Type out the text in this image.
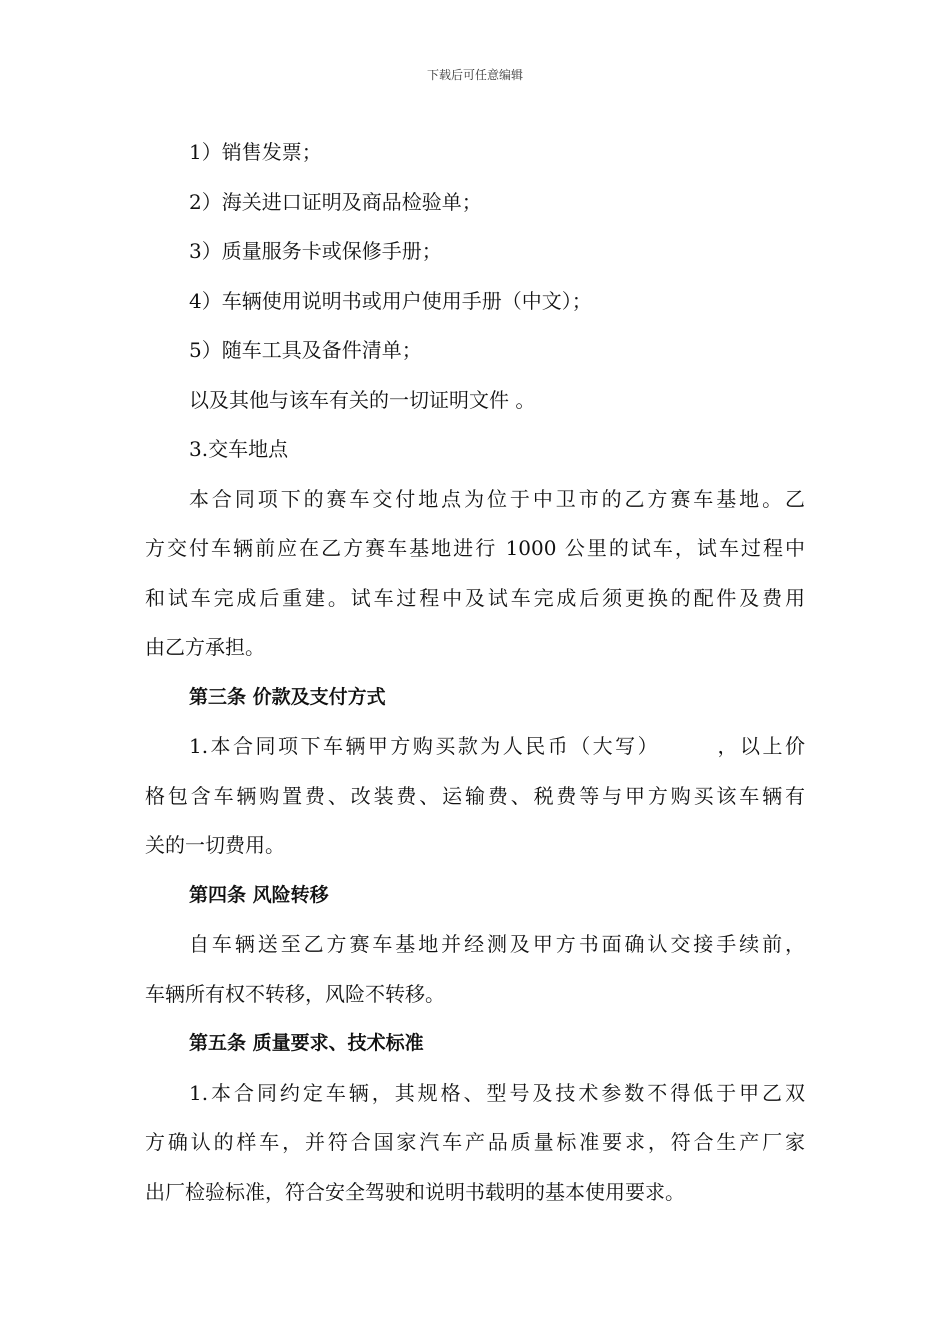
下载后可任意编辑
1）销售发票；
2）海关进口证明及商品检验单；
3）质量服务卡或保修手册；
4）车辆使用说明书或用户使用手册（中文）；
5）随车工具及备件清单；
以及其他与该车有关的一切证明文件 。
3.交车地点
本合同项下的赛车交付地点为位于中卫市的乙方赛车基地。乙
方交付车辆前应在乙方赛车基地进行 1000 公里的试车，试车过程中
和试车完成后重建。试车过程中及试车完成后须更换的配件及费用
由乙方承担。
第三条 价款及支付方式
1.本合同项下车辆甲方购买款为人民币（大写）　　　，以上价
格包含车辆购置费、改装费、运输费、税费等与甲方购买该车辆有
关的一切费用。
第四条 风险转移
自车辆送至乙方赛车基地并经测及甲方书面确认交接手续前，
车辆所有权不转移，风险不转移。
第五条 质量要求、技术标准
1.本合同约定车辆，其规格、型号及技术参数不得低于甲乙双
方确认的样车，并符合国家汽车产品质量标准要求，符合生产厂家
出厂检验标准，符合安全驾驶和说明书载明的基本使用要求。
